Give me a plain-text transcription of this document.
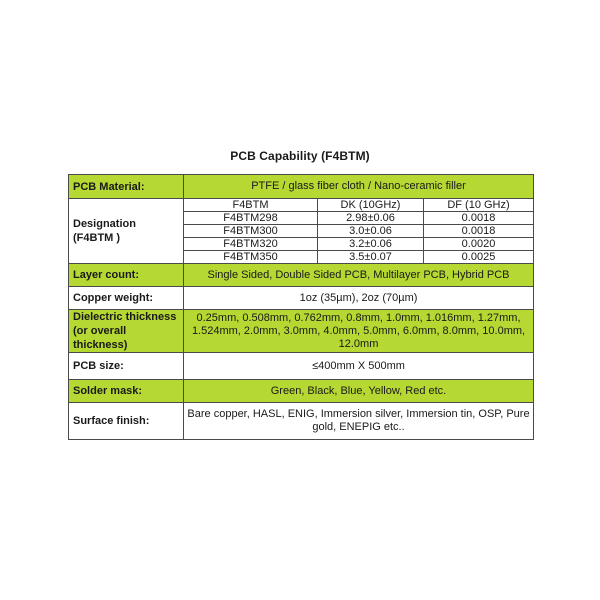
PCB Capability (F4BTM)
PCB Material:	PTFE / glass fiber cloth / Nano-ceramic filler		
Designation
(F4BTM )	F4BTM	DK (10GHz)	DF (10 GHz)
	F4BTM298	2.98±0.06	0.0018
	F4BTM300	3.0±0.06	0.0018
	F4BTM320	3.2±0.06	0.0020
	F4BTM350	3.5±0.07	0.0025
Layer count:	Single Sided, Double Sided PCB, Multilayer PCB, Hybrid PCB		
Copper weight:	1oz (35µm), 2oz (70µm)		
Dielectric thickness
(or overall thickness)	0.25mm, 0.508mm, 0.762mm, 0.8mm, 1.0mm, 1.016mm, 1.27mm, 1.524mm, 2.0mm, 3.0mm, 4.0mm, 5.0mm, 6.0mm, 8.0mm, 10.0mm, 12.0mm		
PCB size:	≤400mm X 500mm		
Solder mask:	Green, Black, Blue, Yellow, Red etc.		
Surface finish:	Bare copper, HASL, ENIG, Immersion silver, Immersion tin, OSP, Pure gold, ENEPIG etc..		
